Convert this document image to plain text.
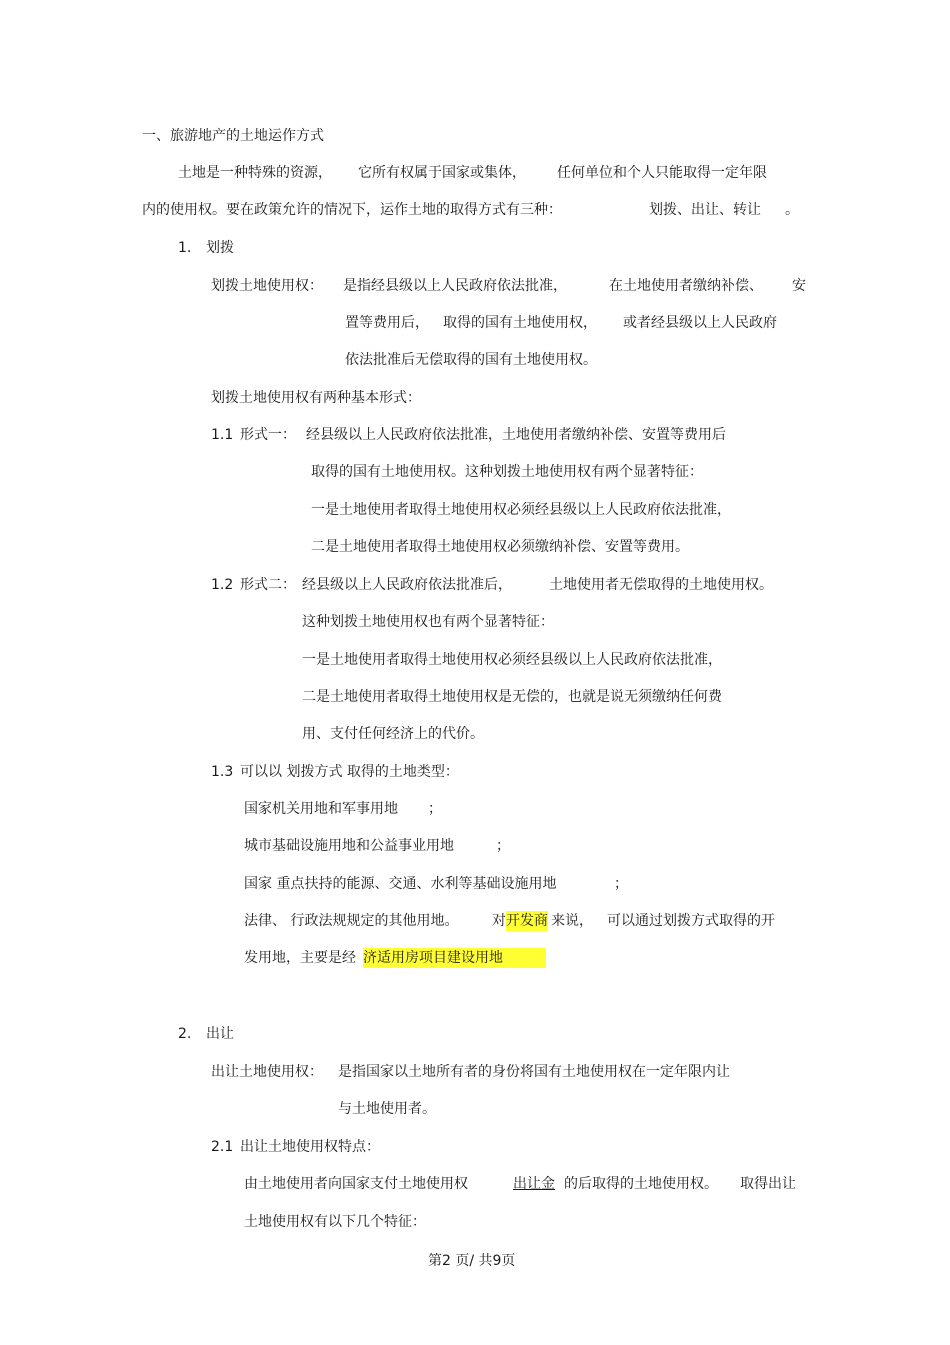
一、旅游地产的土地运作方式
土地是一种特殊的资源， 它所有权属于国家或集体， 任何单位和个人只能取得一定年限
内的使用权。要在政策允许的情况下，运作土地的取得方式有三种：	划拨、出让、转让 。
1. 划拨
划拨土地使用权： 是指经县级以上人民政府依法批准，	在土地使用者缴纳补偿、 安
置等费用后， 取得的国有土地使用权， 或者经县级以上人民政府
依法批准后无偿取得的国有土地使用权。
划拨土地使用权有两种基本形式：
1.1 形式一： 经县级以上人民政府依法批准，土地使用者缴纳补偿、安置等费用后
取得的国有土地使用权。这种划拨土地使用权有两个显著特征：
一是土地使用者取得土地使用权必须经县级以上人民政府依法批准，
二是土地使用者取得土地使用权必须缴纳补偿、安置等费用。
1.2 形式二： 经县级以上人民政府依法批准后，	土地使用者无偿取得的土地使用权。
这种划拨土地使用权也有两个显著特征：
一是土地使用者取得土地使用权必须经县级以上人民政府依法批准，
二是土地使用者取得土地使用权是无偿的，也就是说无须缴纳任何费
用、支付任何经济上的代价。
1.3 可以以 划拨方式 取得的土地类型：
国家机关用地和军事用地 ；
城市基础设施用地和公益事业用地	；
国家 重点扶持的能源、交通、水利等基础设施用地	；
法律、 行政法规规定的其他用地。 对 开发商 来说， 可以通过划拨方式取得的开
发用地，主要是经 济适用房项目建设用地
2. 出让
出让土地使用权： 是指国家以土地所有者的身份将国有土地使用权在一定年限内让
与土地使用者。
2.1 出让土地使用权特点：
由土地使用者向国家支付土地使用权	出让金 的后取得的土地使用权。 取得出让
土地使用权有以下几个特征：
第2 页/ 共9页
